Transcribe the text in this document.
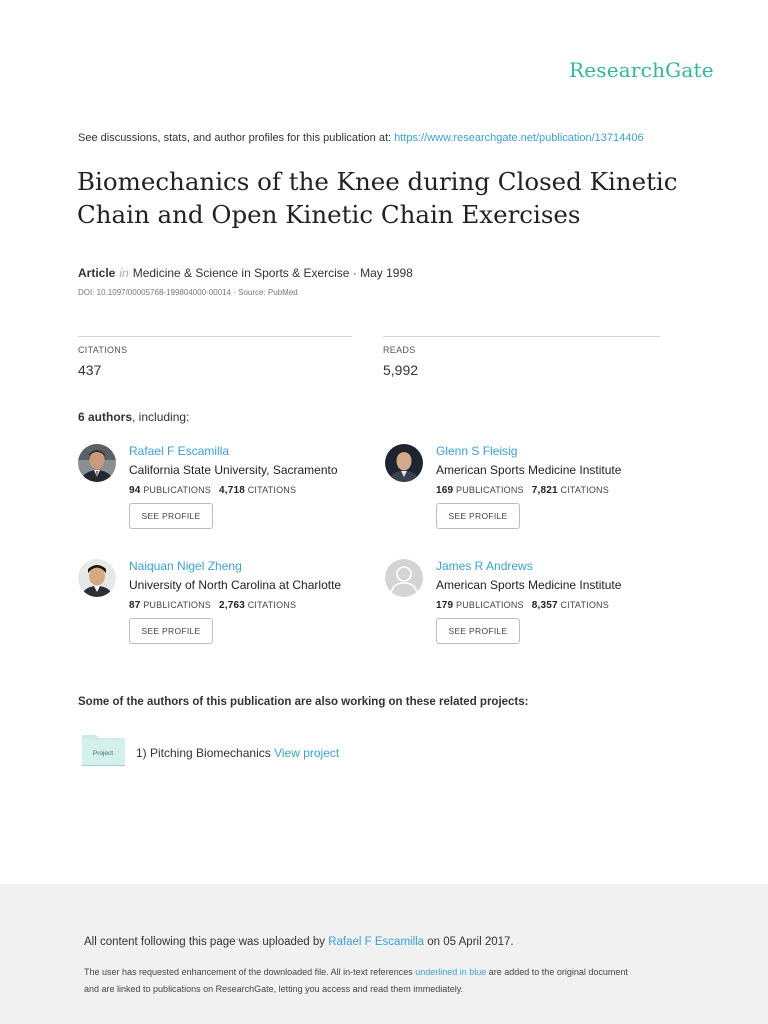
ResearchGate
See discussions, stats, and author profiles for this publication at: https://www.researchgate.net/publication/13714406
Biomechanics of the Knee during Closed Kinetic Chain and Open Kinetic Chain Exercises
Article in Medicine & Science in Sports & Exercise · May 1998
DOI: 10.1097/00005768-199804000-00014 · Source: PubMed
CITATIONS
437
READS
5,992
6 authors, including:
Rafael F Escamilla
California State University, Sacramento
94 PUBLICATIONS 4,718 CITATIONS
SEE PROFILE
Glenn S Fleisig
American Sports Medicine Institute
169 PUBLICATIONS 7,821 CITATIONS
SEE PROFILE
Naiquan Nigel Zheng
University of North Carolina at Charlotte
87 PUBLICATIONS 2,763 CITATIONS
SEE PROFILE
James R Andrews
American Sports Medicine Institute
179 PUBLICATIONS 8,357 CITATIONS
SEE PROFILE
Some of the authors of this publication are also working on these related projects:
Project 1) Pitching Biomechanics View project
All content following this page was uploaded by Rafael F Escamilla on 05 April 2017.
The user has requested enhancement of the downloaded file. All in-text references underlined in blue are added to the original document
and are linked to publications on ResearchGate, letting you access and read them immediately.
